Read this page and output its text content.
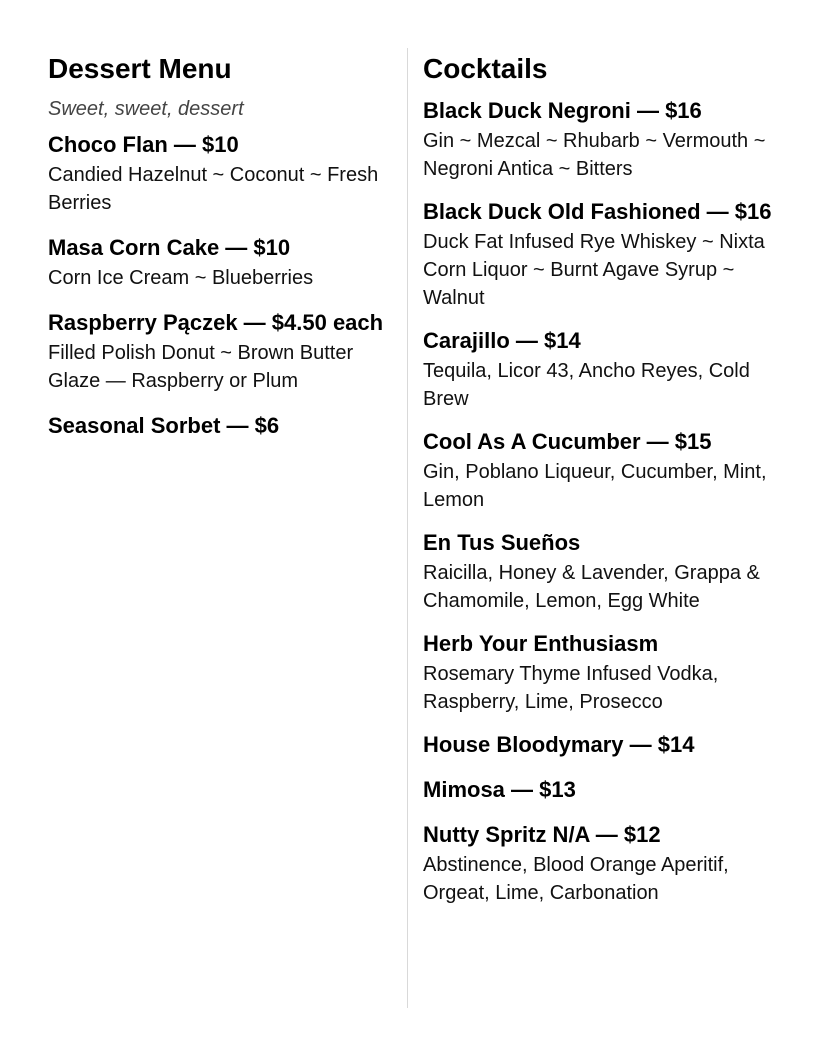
Dessert Menu
Sweet, sweet, dessert
Choco Flan — $10
Candied Hazelnut ~ Coconut ~ Fresh Berries
Masa Corn Cake — $10
Corn Ice Cream ~ Blueberries
Raspberry Pączek — $4.50 each
Filled Polish Donut ~ Brown Butter Glaze — Raspberry or Plum
Seasonal Sorbet — $6
Cocktails
Black Duck Negroni — $16
Gin ~ Mezcal ~ Rhubarb ~ Vermouth ~ Negroni Antica ~ Bitters
Black Duck Old Fashioned — $16
Duck Fat Infused Rye Whiskey ~ Nixta Corn Liquor ~ Burnt Agave Syrup ~ Walnut
Carajillo — $14
Tequila, Licor 43, Ancho Reyes, Cold Brew
Cool As A Cucumber — $15
Gin, Poblano Liqueur, Cucumber, Mint, Lemon
En Tus Sueños
Raicilla, Honey & Lavender, Grappa & Chamomile, Lemon, Egg White
Herb Your Enthusiasm
Rosemary Thyme Infused Vodka, Raspberry, Lime, Prosecco
House Bloodymary — $14
Mimosa — $13
Nutty Spritz N/A — $12
Abstinence, Blood Orange Aperitif, Orgeat, Lime, Carbonation
